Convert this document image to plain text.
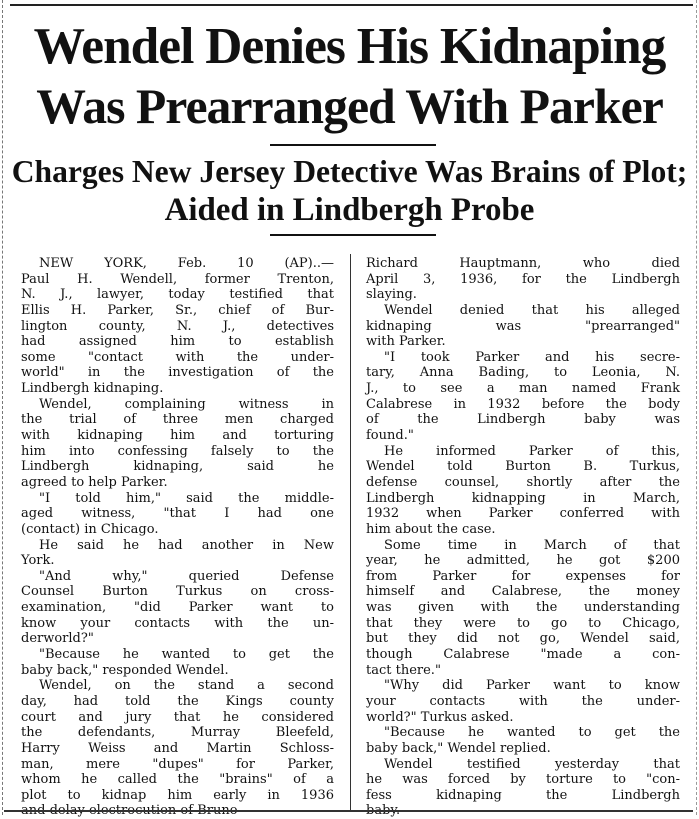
Wendel Denies His Kidnaping
Was Prearranged With Parker
Charges New Jersey Detective Was Brains of Plot;
Aided in Lindbergh Probe
NEW YORK, Feb. 10 (AP)..—
Paul H. Wendell, former Trenton,
N. J., lawyer, today testified that
Ellis H. Parker, Sr., chief of Bur-
lington county, N. J., detectives
had assigned him to establish
some "contact with the under-
world" in the investigation of the
Lindbergh kidnaping.
Wendel, complaining witness in
the trial of three men charged
with kidnaping him and torturing
him into confessing falsely to the
Lindbergh kidnaping, said he
agreed to help Parker.
"I told him," said the middle-
aged witness, "that I had one
(contact) in Chicago.
He said he had another in New
York.
"And why," queried Defense
Counsel Burton Turkus on cross-
examination, "did Parker want to
know your contacts with the un-
derworld?"
"Because he wanted to get the
baby back," responded Wendel.
Wendel, on the stand a second
day, had told the Kings county
court and jury that he considered
the defendants, Murray Bleefeld,
Harry Weiss and Martin Schloss-
man, mere "dupes" for Parker,
whom he called the "brains" of a
plot to kidnap him early in 1936
Richard Hauptmann, who died
April 3, 1936, for the Lindbergh
slaying.
Wendel denied that his alleged
kidnaping was "prearranged"
with Parker.
"I took Parker and his secre-
tary, Anna Bading, to Leonia, N.
J., to see a man named Frank
Calabrese in 1932 before the body
of the Lindbergh baby was
found."
He informed Parker of this,
Wendel told Burton B. Turkus,
defense counsel, shortly after the
Lindbergh kidnapping in March,
1932 when Parker conferred with
him about the case.
Some time in March of that
year, he admitted, he got $200
from Parker for expenses for
himself and Calabrese, the money
was given with the understanding
that they were to go to Chicago,
but they did not go, Wendel said,
though Calabrese "made a con-
tact there."
"Why did Parker want to know
your contacts with the under-
world?" Turkus asked.
"Because he wanted to get the
baby back," Wendel replied.
Wendel testified yesterday that
he was forced by torture to "con-
fess kidnaping the Lindbergh
